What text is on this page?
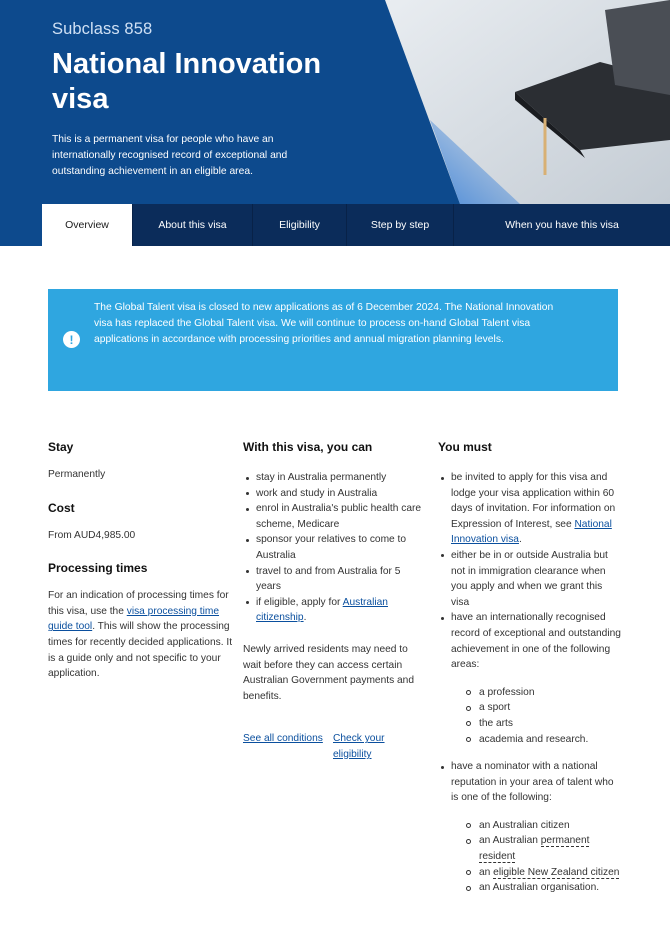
Subclass 858
National Innovation visa
This is a permanent visa for people who have an internationally recognised record of exceptional and outstanding achievement in an eligible area.
Overview	About this visa	Eligibility	Step by step	When you have this visa
!
The Global Talent visa is closed to new applications as of 6 December 2024. The National Innovation visa has replaced the Global Talent visa. We will continue to process on-hand Global Talent visa applications in accordance with processing priorities and annual migration planning levels.
Stay
Permanently
Cost
From AUD4,985.00
Processing times
For an indication of processing times for this visa, use the visa processing time guide tool. This will show the processing times for recently decided applications. It is a guide only and not specific to your application.
With this visa, you can
stay in Australia permanently
work and study in Australia
enrol in Australia's public health care scheme, Medicare
sponsor your relatives to come to Australia
travel to and from Australia for 5 years
if eligible, apply for Australian citizenship.
Newly arrived residents may need to wait before they can access certain Australian Government payments and benefits.
See all conditions Check your eligibility
You must
be invited to apply for this visa and lodge your visa application within 60 days of invitation. For information on Expression of Interest, see National Innovation visa.
either be in or outside Australia but not in immigration clearance when you apply and when we grant this visa
have an internationally recognised record of exceptional and outstanding achievement in one of the following areas:
a profession
a sport
the arts
academia and research.
have a nominator with a national reputation in your area of talent who is one of the following:
an Australian citizen
an Australian permanent resident
an eligible New Zealand citizen
an Australian organisation.
